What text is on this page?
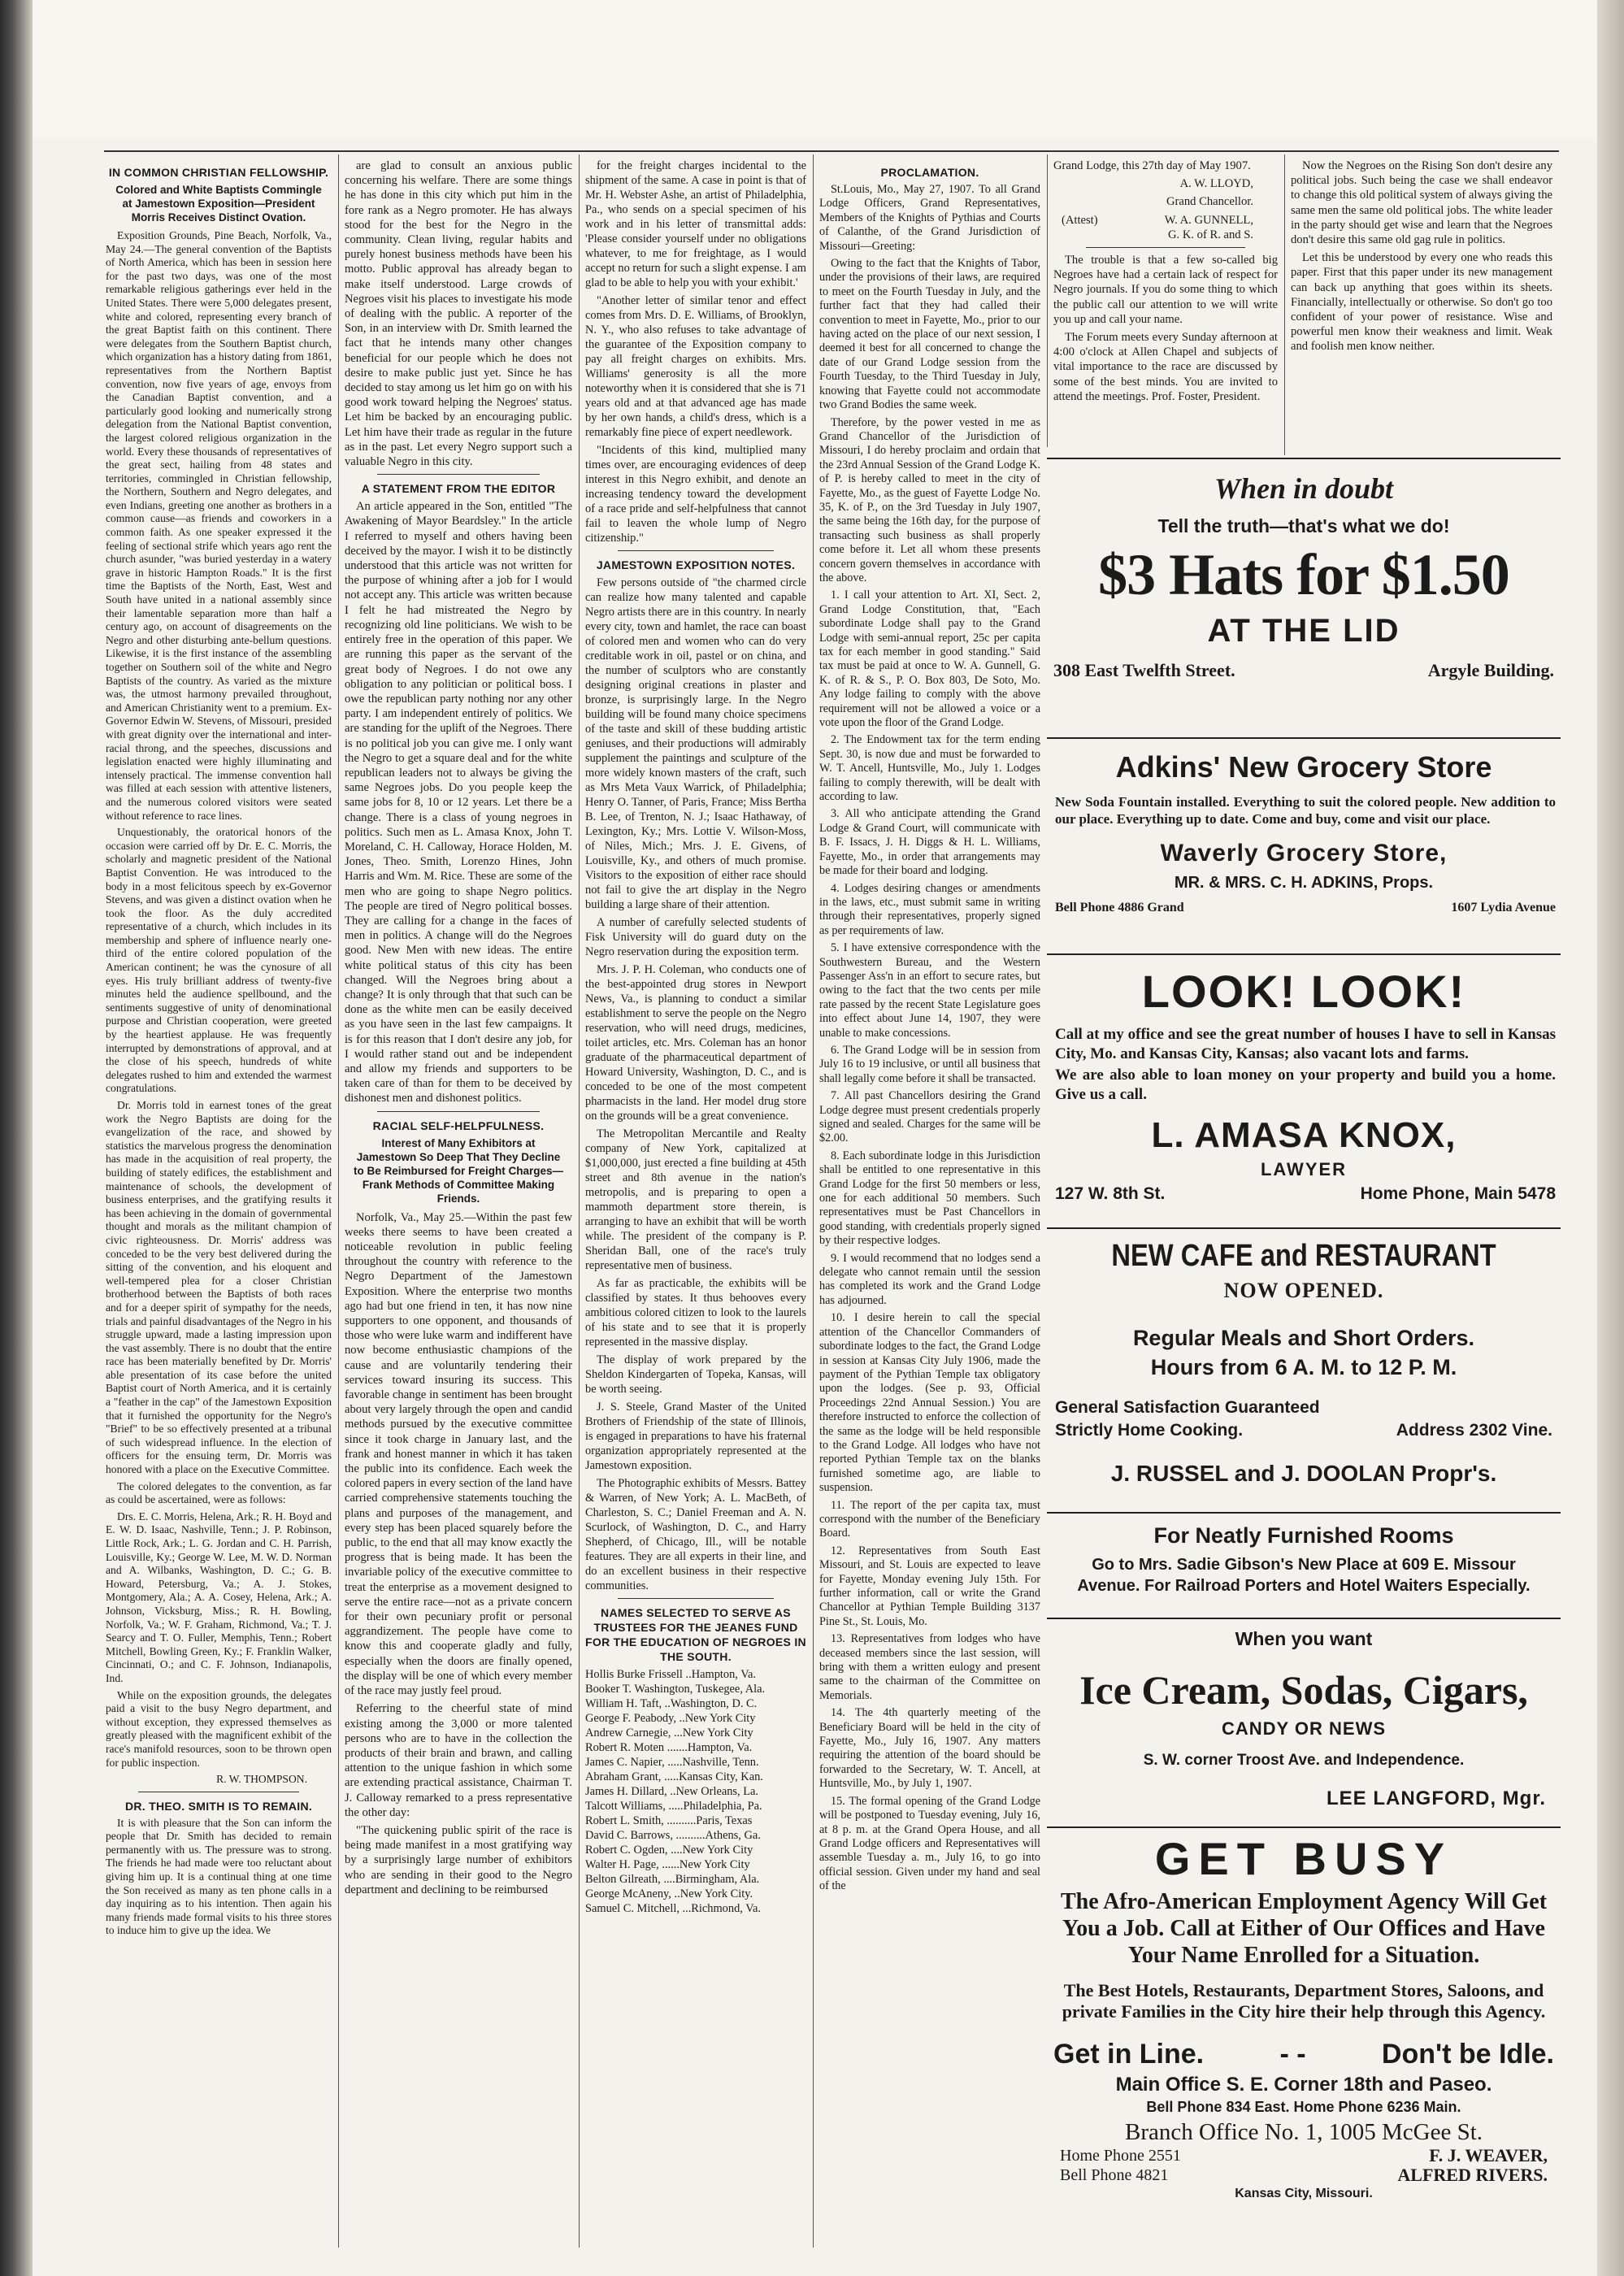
IN COMMON CHRISTIAN FELLOWSHIP.

Colored and White Baptists Commingle at Jamestown Exposition—President Morris Receives Distinct Ovation.

Exposition Grounds, Pine Beach, Norfolk, Va., May 24.—The general convention of the Baptists of North America, which has been in session here for the past two days, was one of the most remarkable religious gatherings ever held in the United States. There were 5,000 delegates present, white and colored, representing every branch of the great Baptist faith on this continent. There were delegates from the Southern Baptist church, which organization has a history dating from 1861, representatives from the Northern Baptist convention, now five years of age, envoys from the Canadian Baptist convention, and a particularly good looking and numerically strong delegation from the National Baptist convention, the largest colored religious organization in the world. Every these thousands of representatives of the great sect, hailing from 48 states and territories, commingled in Christian fellowship, the Northern, Southern and Negro delegates, and even Indians, greeting one another as brothers in a common cause—as friends and coworkers in a common faith. As one speaker expressed it the feeling of sectional strife which years ago rent the church asunder, "was buried yesterday in a watery grave in historic Hampton Roads." It is the first time the Baptists of the North, East, West and South have united in a national assembly since their lamentable separation more than half a century ago, on account of disagreements on the Negro and other disturbing ante-bellum questions. Likewise, it is the first instance of the assembling together on Southern soil of the white and Negro Baptists of the country. As varied as the mixture was, the utmost harmony prevailed throughout, and American Christianity went to a premium. Ex-Governor Edwin W. Stevens, of Missouri, presided with great dignity over the international and inter-racial throng, and the speeches, discussions and legislation enacted were highly illuminating and intensely practical. The immense convention hall was filled at each session with attentive listeners, and the numerous colored visitors were seated without reference to race lines.

Unquestionably, the oratorical honors of the occasion were carried off by Dr. E. C. Morris, the scholarly and magnetic president of the National Baptist Convention. He was introduced to the body in a most felicitous speech by ex-Governor Stevens, and was given a distinct ovation when he took the floor. As the duly accredited representative of a church, which includes in its membership and sphere of influence nearly one-third of the entire colored population of the American continent; he was the cynosure of all eyes. His truly brilliant address of twenty-five minutes held the audience spellbound, and the sentiments suggestive of unity of denominational purpose and Christian cooperation, were greeted by the heartiest applause. He was frequently interrupted by demonstrations of approval, and at the close of his speech, hundreds of white delegates rushed to him and extended the warmest congratulations.

Dr. Morris told in earnest tones of the great work the Negro Baptists are doing for the evangelization of the race, and showed by statistics the marvelous progress the denomination has made in the acquisition of real property, the building of stately edifices, the establishment and maintenance of schools, the development of business enterprises, and the gratifying results it has been achieving in the domain of governmental thought and morals as the militant champion of civic righteousness. Dr. Morris' address was conceded to be the very best delivered during the sitting of the convention, and his eloquent and well-tempered plea for a closer Christian brotherhood between the Baptists of both races and for a deeper spirit of sympathy for the needs, trials and painful disadvantages of the Negro in his struggle upward, made a lasting impression upon the vast assembly. There is no doubt that the entire race has been materially benefited by Dr. Morris' able presentation of its case before the united Baptist court of North America, and it is certainly a "feather in the cap" of the Jamestown Exposition that it furnished the opportunity for the Negro's "Brief" to be so effectively presented at a tribunal of such widespread influence. In the election of officers for the ensuing term, Dr. Morris was honored with a place on the Executive Committee.

The colored delegates to the convention, as far as could be ascertained, were as follows:

Drs. E. C. Morris, Helena, Ark.; R. H. Boyd and E. W. D. Isaac, Nashville, Tenn.; J. P. Robinson, Little Rock, Ark.; L. G. Jordan and C. H. Parrish, Louisville, Ky.; George W. Lee, M. W. D. Norman and A. Wilbanks, Washington, D. C.; G. B. Howard, Petersburg, Va.; A. J. Stokes, Montgomery, Ala.; A. A. Cosey, Helena, Ark.; A. Johnson, Vicksburg, Miss.; R. H. Bowling, Norfolk, Va.; W. F. Graham, Richmond, Va.; T. J. Searcy and T. O. Fuller, Memphis, Tenn.; Robert Mitchell, Bowling Green, Ky.; F. Franklin Walker, Cincinnati, O.; and C. F. Johnson, Indianapolis, Ind.

While on the exposition grounds, the delegates paid a visit to the busy Negro department, and without exception, they expressed themselves as greatly pleased with the magnificent exhibit of the race's manifold resources, soon to be thrown open for public inspection.

R. W. THOMPSON.

DR. THEO. SMITH IS TO REMAIN.

It is with pleasure that the Son can inform the people that Dr. Smith has decided to remain permanently with us. The pressure was to strong. The friends he had made were too reluctant about giving him up. It is a continual thing at one time the Son received as many as ten phone calls in a day inquiring as to his intention. Then again his many friends made formal visits to his three stores to induce him to give up the idea. We

are glad to consult an anxious public concerning his welfare. There are some things he has done in this city which put him in the fore rank as a Negro promoter. He has always stood for the best for the Negro in the community. Clean living, regular habits and purely honest business methods have been his motto. Public approval has already began to make itself understood. Large crowds of Negroes visit his places to investigate his mode of dealing with the public. A reporter of the Son, in an interview with Dr. Smith learned the fact that he intends many other changes beneficial for our people which he does not desire to make public just yet. Since he has decided to stay among us let him go on with his good work toward helping the Negroes' status. Let him be backed by an encouraging public. Let him have their trade as regular in the future as in the past. Let every Negro support such a valuable Negro in this city.

A STATEMENT FROM THE EDITOR

An article appeared in the Son, entitled "The Awakening of Mayor Beardsley." In the article I referred to myself and others having been deceived by the mayor. I wish it to be distinctly understood that this article was not written for the purpose of whining after a job for I would not accept any. This article was written because I felt he had mistreated the Negro by recognizing old line politicians. We wish to be entirely free in the operation of this paper. We are running this paper as the servant of the great body of Negroes. I do not owe any obligation to any politician or political boss. I owe the republican party nothing nor any other party. I am independent entirely of politics. We are standing for the uplift of the Negroes. There is no political job you can give me. I only want the Negro to get a square deal and for the white republican leaders not to always be giving the same Negroes jobs. Do you people keep the same jobs for 8, 10 or 12 years. Let there be a change. There is a class of young negroes in politics. Such men as L. Amasa Knox, John T. Moreland, C. H. Calloway, Horace Holden, M. Jones, Theo. Smith, Lorenzo Hines, John Harris and Wm. M. Rice. These are some of the men who are going to shape Negro politics. The people are tired of Negro political bosses. They are calling for a change in the faces of men in politics. A change will do the Negroes good. New Men with new ideas. The entire white political status of this city has been changed. Will the Negroes bring about a change? It is only through that that such can be done as the white men can be easily deceived as you have seen in the last few campaigns. It is for this reason that I don't desire any job, for I would rather stand out and be independent and allow my friends and supporters to be taken care of than for them to be deceived by dishonest men and dishonest politics.

RACIAL SELF-HELPFULNESS.

Interest of Many Exhibitors at Jamestown So Deep That They Decline to Be Reimbursed for Freight Charges—Frank Methods of Committee Making Friends.

Norfolk, Va., May 25.—Within the past few weeks there seems to have been created a noticeable revolution in public feeling throughout the country with reference to the Negro Department of the Jamestown Exposition. Where the enterprise two months ago had but one friend in ten, it has now nine supporters to one opponent, and thousands of those who were luke warm and indifferent have now become enthusiastic champions of the cause and are voluntarily tendering their services toward insuring its success. This favorable change in sentiment has been brought about very largely through the open and candid methods pursued by the executive committee since it took charge in January last, and the frank and honest manner in which it has taken the public into its confidence. Each week the colored papers in every section of the land have carried comprehensive statements touching the plans and purposes of the management, and every step has been placed squarely before the public, to the end that all may know exactly the progress that is being made. It has been the invariable policy of the executive committee to treat the enterprise as a movement designed to serve the entire race—not as a private concern for their own pecuniary profit or personal aggrandizement. The people have come to know this and cooperate gladly and fully, especially when the doors are finally opened, the display will be one of which every member of the race may justly feel proud.

Referring to the cheerful state of mind existing among the 3,000 or more talented persons who are to have in the collection the products of their brain and brawn, and calling attention to the unique fashion in which some are extending practical assistance, Chairman T. J. Calloway remarked to a press representative the other day:

"The quickening public spirit of the race is being made manifest in a most gratifying way by a surprisingly large number of exhibitors who are sending in their good to the Negro department and declining to be reimbursed

for the freight charges incidental to the shipment of the same. A case in point is that of Mr. H. Webster Ashe, an artist of Philadelphia, Pa., who sends on a special specimen of his work and in his letter of transmittal adds: 'Please consider yourself under no obligations whatever, to me for freightage, as I would accept no return for such a slight expense. I am glad to be able to help you with your exhibit.'

"Another letter of similar tenor and effect comes from Mrs. D. E. Williams, of Brooklyn, N. Y., who also refuses to take advantage of the guarantee of the Exposition company to pay all freight charges on exhibits. Mrs. Williams' generosity is all the more noteworthy when it is considered that she is 71 years old and at that advanced age has made by her own hands, a child's dress, which is a remarkably fine piece of expert needlework.

"Incidents of this kind, multiplied many times over, are encouraging evidences of deep interest in this Negro exhibit, and denote an increasing tendency toward the development of a race pride and self-helpfulness that cannot fail to leaven the whole lump of Negro citizenship."

JAMESTOWN EXPOSITION NOTES.

Few persons outside of "the charmed circle can realize how many talented and capable Negro artists there are in this country. In nearly every city, town and hamlet, the race can boast of colored men and women who can do very creditable work in oil, pastel or on china, and the number of sculptors who are constantly designing original creations in plaster and bronze, is surprisingly large. In the Negro building will be found many choice specimens of the taste and skill of these budding artistic geniuses, and their productions will admirably supplement the paintings and sculpture of the more widely known masters of the craft, such as Mrs Meta Vaux Warrick, of Philadelphia; Henry O. Tanner, of Paris, France; Miss Bertha B. Lee, of Trenton, N. J.; Isaac Hathaway, of Lexington, Ky.; Mrs. Lottie V. Wilson-Moss, of Niles, Mich.; Mrs. J. E. Givens, of Louisville, Ky., and others of much promise. Visitors to the exposition of either race should not fail to give the art display in the Negro building a large share of their attention.

A number of carefully selected students of Fisk University will do guard duty on the Negro reservation during the exposition term.

Mrs. J. P. H. Coleman, who conducts one of the best-appointed drug stores in Newport News, Va., is planning to conduct a similar establishment to serve the people on the Negro reservation, who will need drugs, medicines, toilet articles, etc. Mrs. Coleman has an honor graduate of the pharmaceutical department of Howard University, Washington, D. C., and is conceded to be one of the most competent pharmacists in the land. Her model drug store on the grounds will be a great convenience.

The Metropolitan Mercantile and Realty company of New York, capitalized at $1,000,000, just erected a fine building at 45th street and 8th avenue in the nation's metropolis, and is preparing to open a mammoth department store therein, is arranging to have an exhibit that will be worth while. The president of the company is P. Sheridan Ball, one of the race's truly representative men of business.

As far as practicable, the exhibits will be classified by states. It thus behooves every ambitious colored citizen to look to the laurels of his state and to see that it is properly represented in the massive display.

The display of work prepared by the Sheldon Kindergarten of Topeka, Kansas, will be worth seeing.

J. S. Steele, Grand Master of the United Brothers of Friendship of the state of Illinois, is engaged in preparations to have his fraternal organization appropriately represented at the Jamestown exposition.

The Photographic exhibits of Messrs. Battey & Warren, of New York; A. L. MacBeth, of Charleston, S. C.; Daniel Freeman and A. N. Scurlock, of Washington, D. C., and Harry Shepherd, of Chicago, Ill., will be notable features. They are all experts in their line, and do an excellent business in their respective communities.

NAMES SELECTED TO SERVE AS TRUSTEES FOR THE JEANES FUND FOR THE EDUCATION OF NEGROES IN THE SOUTH.

Hollis Burke Frissell ..Hampton, Va.

Booker T. Washington, Tuskegee, Ala.

William H. Taft, ..Washington, D. C.

George F. Peabody, ..New York City

Andrew Carnegie, ...New York City

Robert R. Moten .......Hampton, Va.

James C. Napier, .....Nashville, Tenn.

Abraham Grant, .....Kansas City, Kan.

James H. Dillard, ..New Orleans, La.

Talcott Williams, .....Philadelphia, Pa.

Robert L. Smith, ..........Paris, Texas

David C. Barrows, ..........Athens, Ga.

Robert C. Ogden, ....New York City

Walter H. Page, ......New York City

Belton Gilreath, ....Birmingham, Ala.

George McAneny, ..New York City.

Samuel C. Mitchell, ...Richmond, Va.

PROCLAMATION.

St.Louis, Mo., May 27, 1907. To all Grand Lodge Officers, Grand Representatives, Members of the Knights of Pythias and Courts of Calanthe, of the Grand Jurisdiction of Missouri—Greeting:

Owing to the fact that the Knights of Tabor, under the provisions of their laws, are required to meet on the Fourth Tuesday in July, and the further fact that they had called their convention to meet in Fayette, Mo., prior to our having acted on the place of our next session, I deemed it best for all concerned to change the date of our Grand Lodge session from the Fourth Tuesday, to the Third Tuesday in July, knowing that Fayette could not accommodate two Grand Bodies the same week.

Therefore, by the power vested in me as Grand Chancellor of the Jurisdiction of Missouri, I do hereby proclaim and ordain that the 23rd Annual Session of the Grand Lodge K. of P. is hereby called to meet in the city of Fayette, Mo., as the guest of Fayette Lodge No. 35, K. of P., on the 3rd Tuesday in July 1907, the same being the 16th day, for the purpose of transacting such business as shall properly come before it. Let all whom these presents concern govern themselves in accordance with the above.

1. I call your attention to Art. XI, Sect. 2, Grand Lodge Constitution, that, "Each subordinate Lodge shall pay to the Grand Lodge with semi-annual report, 25c per capita tax for each member in good standing." Said tax must be paid at once to W. A. Gunnell, G. K. of R. & S., P. O. Box 803, De Soto, Mo. Any lodge failing to comply with the above requirement will not be allowed a voice or a vote upon the floor of the Grand Lodge.

2. The Endowment tax for the term ending Sept. 30, is now due and must be forwarded to W. T. Ancell, Huntsville, Mo., July 1. Lodges failing to comply therewith, will be dealt with according to law.

3. All who anticipate attending the Grand Lodge & Grand Court, will communicate with B. F. Issacs, J. H. Diggs & H. L. Williams, Fayette, Mo., in order that arrangements may be made for their board and lodging.

4. Lodges desiring changes or amendments in the laws, etc., must submit same in writing through their representatives, properly signed as per requirements of law.

5. I have extensive correspondence with the Southwestern Bureau, and the Western Passenger Ass'n in an effort to secure rates, but owing to the fact that the two cents per mile rate passed by the recent State Legislature goes into effect about June 14, 1907, they were unable to make concessions.

6. The Grand Lodge will be in session from July 16 to 19 inclusive, or until all business that shall legally come before it shall be transacted.

7. All past Chancellors desiring the Grand Lodge degree must present credentials properly signed and sealed. Charges for the same will be $2.00.

8. Each subordinate lodge in this Jurisdiction shall be entitled to one representative in this Grand Lodge for the first 50 members or less, one for each additional 50 members. Such representatives must be Past Chancellors in good standing, with credentials properly signed by their respective lodges.

9. I would recommend that no lodges send a delegate who cannot remain until the session has completed its work and the Grand Lodge has adjourned.

10. I desire herein to call the special attention of the Chancellor Commanders of subordinate lodges to the fact, the Grand Lodge in session at Kansas City July 1906, made the payment of the Pythian Temple tax obligatory upon the lodges. (See p. 93, Official Proceedings 22nd Annual Session.) You are therefore instructed to enforce the collection of the same as the lodge will be held responsible to the Grand Lodge. All lodges who have not reported Pythian Temple tax on the blanks furnished sometime ago, are liable to suspension.

11. The report of the per capita tax, must correspond with the number of the Beneficiary Board.

12. Representatives from South East Missouri, and St. Louis are expected to leave for Fayette, Monday evening July 15th. For further information, call or write the Grand Chancellor at Pythian Temple Building 3137 Pine St., St. Louis, Mo.

13. Representatives from lodges who have deceased members since the last session, will bring with them a written eulogy and present same to the chairman of the Committee on Memorials.

14. The 4th quarterly meeting of the Beneficiary Board will be held in the city of Fayette, Mo., July 16, 1907. Any matters requiring the attention of the board should be forwarded to the Secretary, W. T. Ancell, at Huntsville, Mo., by July 1, 1907.

15. The formal opening of the Grand Lodge will be postponed to Tuesday evening, July 16, at 8 p. m. at the Grand Opera House, and all Grand Lodge officers and Representatives will assemble Tuesday a. m., July 16, to go into official session. Given under my hand and seal of the

Grand Lodge, this 27th day of May 1907.

A. W. LLOYD,

Grand Chancellor.

(Attest)	W. A. GUNNELL,

G. K. of R. and S.

The trouble is that a few so-called big Negroes have had a certain lack of respect for Negro journals. If you do some thing to which the public call our attention to we will write you up and call your name.

The Forum meets every Sunday afternoon at 4:00 o'clock at Allen Chapel and subjects of vital importance to the race are discussed by some of the best minds. You are invited to attend the meetings. Prof. Foster, President.

Now the Negroes on the Rising Son don't desire any political jobs. Such being the case we shall endeavor to change this old political system of always giving the same men the same old political jobs. The white leader in the party should get wise and learn that the Negroes don't desire this same old gag rule in politics.

Let this be understood by every one who reads this paper. First that this paper under its new management can back up anything that goes within its sheets. Financially, intellectually or otherwise. So don't go too confident of your power of resistance. Wise and powerful men know their weakness and limit. Weak and foolish men know neither.

When in doubt
Tell the truth—that's what we do!
$3 Hats for $1.50
AT THE LID
308 East Twelfth Street.	Argyle Building.
Adkins' New Grocery Store
New Soda Fountain installed. Everything to suit the colored people. New addition to our place. Everything up to date. Come and buy, come and visit our place.
Waverly Grocery Store,
MR. & MRS. C. H. ADKINS, Props.
Bell Phone 4886 Grand	1607 Lydia Avenue
LOOK! LOOK!
Call at my office and see the great number of houses I have to sell in Kansas City, Mo. and Kansas City, Kansas; also vacant lots and farms.
We are also able to loan money on your property and build you a home. Give us a call.
L. AMASA KNOX,
LAWYER
127 W. 8th St.	Home Phone, Main 5478
NEW CAFE and RESTAURANT
NOW OPENED.
Regular Meals and Short Orders.
Hours from 6 A. M. to 12 P. M.
General Satisfaction Guaranteed
Strictly Home Cooking.	Address 2302 Vine.
J. RUSSEL and J. DOOLAN Propr's.
For Neatly Furnished Rooms
Go to Mrs. Sadie Gibson's New Place at 609 E. Missour Avenue. For Railroad Porters and Hotel Waiters Especially.
When you want
Ice Cream, Sodas, Cigars,
CANDY OR NEWS
S. W. corner Troost Ave. and Independence.
LEE LANGFORD, Mgr.
GET BUSY
The Afro-American Employment Agency Will Get You a Job. Call at Either of Our Offices and Have Your Name Enrolled for a Situation.
The Best Hotels, Restaurants, Department Stores, Saloons, and private Families in the City hire their help through this Agency.
Get in Line.	- -	Don't be Idle.
Main Office S. E. Corner 18th and Paseo.
Bell Phone 834 East. Home Phone 6236 Main.
Branch Office No. 1, 1005 McGee St.
Home Phone 2551	F. J. WEAVER,
Bell Phone 4821	ALFRED RIVERS.
Kansas City, Missouri.
